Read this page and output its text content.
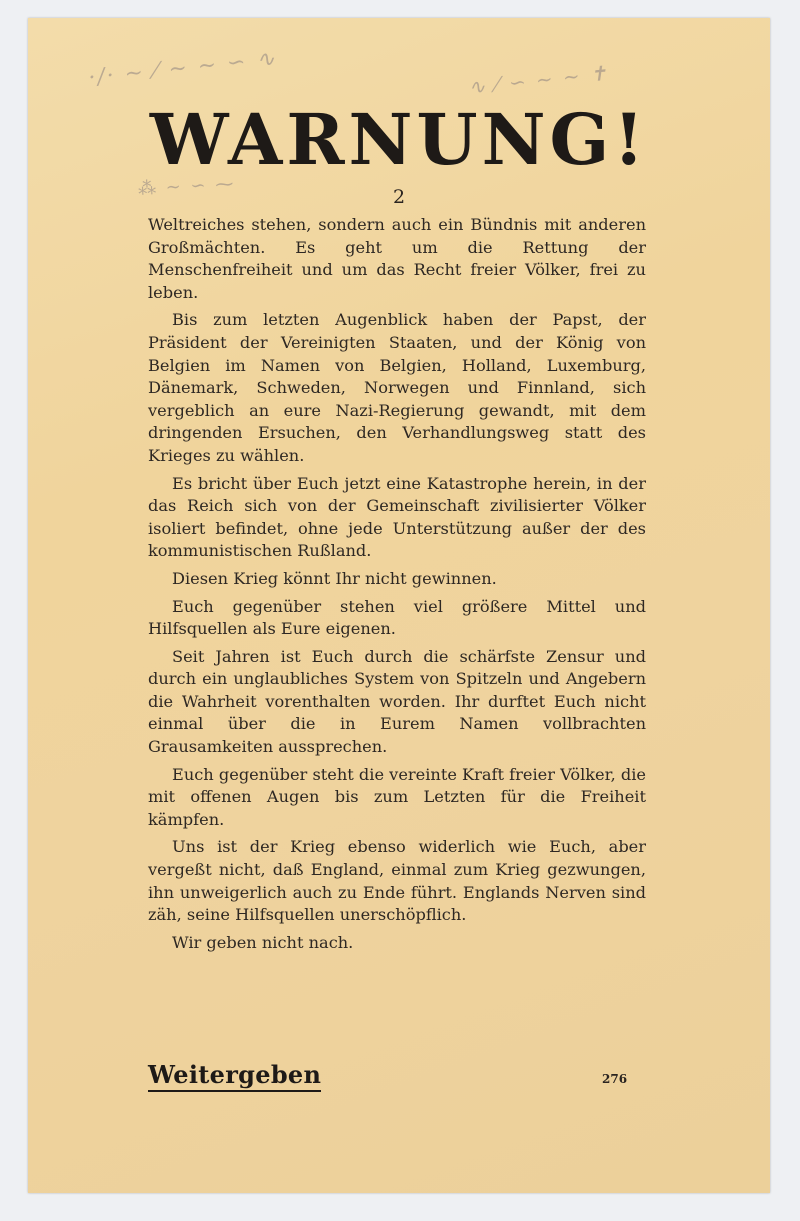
·/· ~ ⁄ ∼ ∼ ∽ ∿	∿ ⁄ ∽ ∼ ∼ ✝
⁂ ∼ ∽ ⁓
WARNUNG!
2

Weltreiches stehen, sondern auch ein Bündnis mit anderen Großmächten. Es geht um die Rettung der Menschenfreiheit und um das Recht freier Völker, frei zu leben.

Bis zum letzten Augenblick haben der Papst, der Präsident der Vereinigten Staaten, und der König von Belgien im Namen von Belgien, Holland, Luxemburg, Dänemark, Schweden, Norwegen und Finnland, sich vergeblich an eure Nazi-Regierung gewandt, mit dem dringenden Ersuchen, den Verhandlungsweg statt des Krieges zu wählen.

Es bricht über Euch jetzt eine Katastrophe herein, in der das Reich sich von der Gemeinschaft zivilisierter Völker isoliert befindet, ohne jede Unterstützung außer der des kommunistischen Rußland.

Diesen Krieg könnt Ihr nicht gewinnen.

Euch gegenüber stehen viel größere Mittel und Hilfsquellen als Eure eigenen.

Seit Jahren ist Euch durch die schärfste Zensur und durch ein unglaubliches System von Spitzeln und Angebern die Wahrheit vorenthalten worden. Ihr durftet Euch nicht einmal über die in Eurem Namen vollbrachten Grausamkeiten aussprechen.

Euch gegenüber steht die vereinte Kraft freier Völker, die mit offenen Augen bis zum Letzten für die Freiheit kämpfen.

Uns ist der Krieg ebenso widerlich wie Euch, aber vergeßt nicht, daß England, einmal zum Krieg gezwungen, ihn unweigerlich auch zu Ende führt. Englands Nerven sind zäh, seine Hilfsquellen unerschöpflich.

Wir geben nicht nach.

Weitergeben	276
